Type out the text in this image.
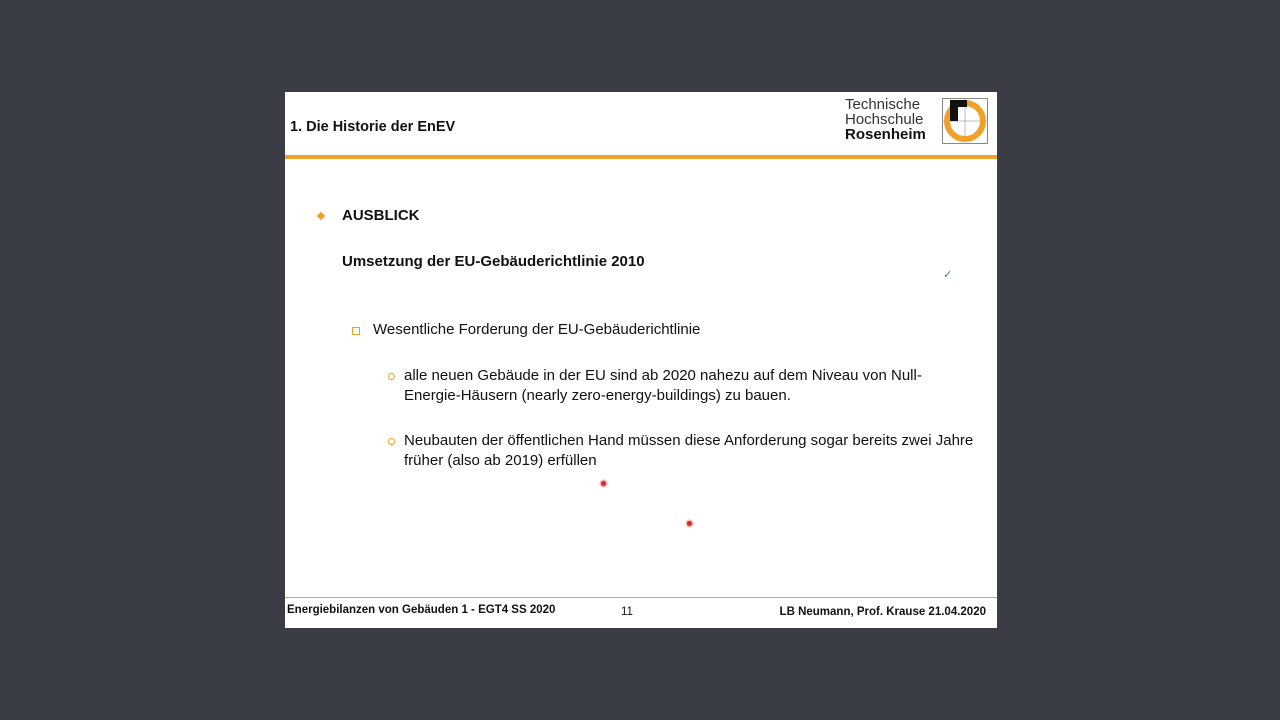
1. Die Historie der EnEV
Technische
Hochschule
Rosenheim
AUSBLICK
Umsetzung der EU-Gebäuderichtlinie 2010
✓
Wesentliche Forderung der EU-Gebäuderichtlinie
alle neuen Gebäude in der EU sind ab 2020 nahezu auf dem Niveau von Null-Energie-Häusern (nearly zero-energy-buildings) zu bauen.
Neubauten der öffentlichen Hand müssen diese Anforderung sogar bereits zwei Jahre früher (also ab 2019) erfüllen
Energiebilanzen von Gebäuden 1 - EGT4 SS 2020	11	LB Neumann, Prof. Krause 21.04.2020
